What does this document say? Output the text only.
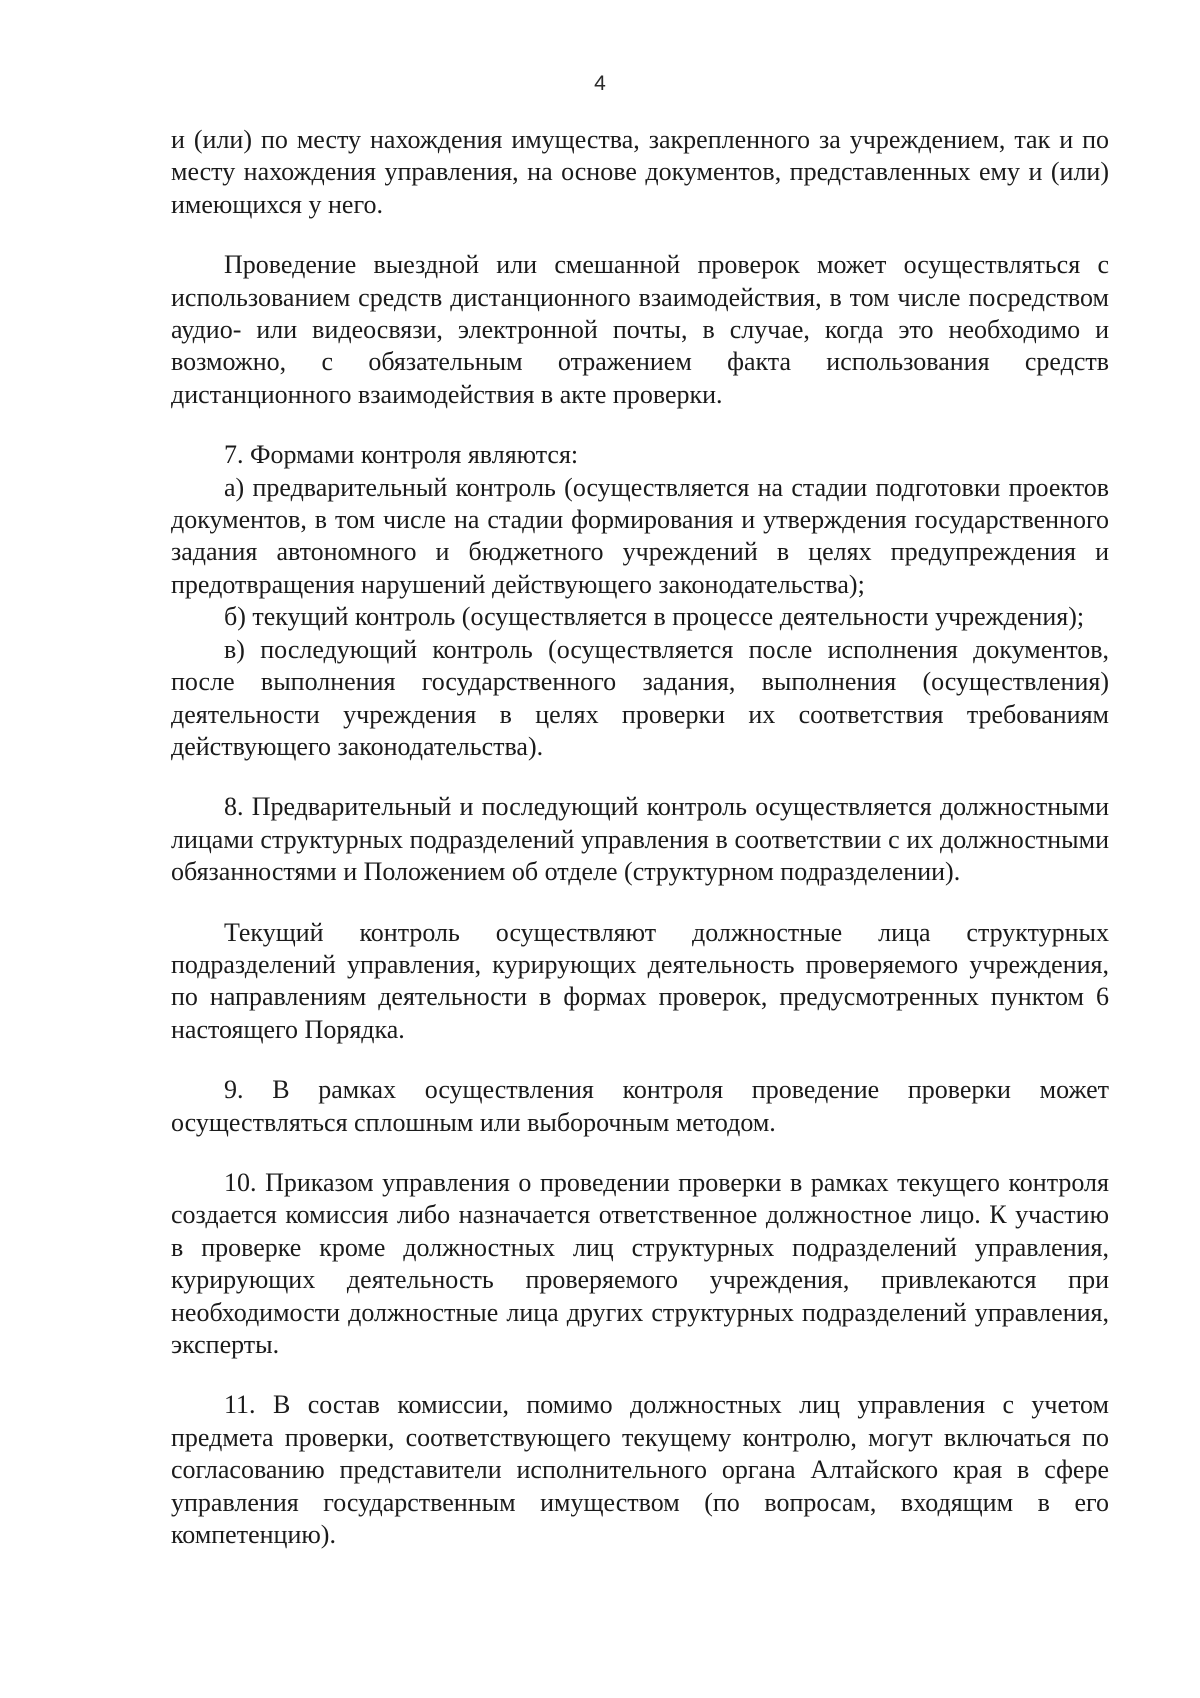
4

и (или) по месту нахождения имущества, закрепленного за учреждением, так и по месту нахождения управления, на основе документов, представленных ему и (или) имеющихся у него.

Проведение выездной или смешанной проверок может осуществляться с использованием средств дистанционного взаимодействия, в том числе посредством аудио- или видеосвязи, электронной почты, в случае, когда это необходимо и возможно, с обязательным отражением факта использования средств дистанционного взаимодействия в акте проверки.

7. Формами контроля являются:

а) предварительный контроль (осуществляется на стадии подготовки проектов документов, в том числе на стадии формирования и утверждения государственного задания автономного и бюджетного учреждений в целях предупреждения и предотвращения нарушений действующего законодательства);

б) текущий контроль (осуществляется в процессе деятельности учреждения);

в) последующий контроль (осуществляется после исполнения документов, после выполнения государственного задания, выполнения (осуществления) деятельности учреждения в целях проверки их соответствия требованиям действующего законодательства).

8. Предварительный и последующий контроль осуществляется должностными лицами структурных подразделений управления в соответствии с их должностными обязанностями и Положением об отделе (структурном подразделении).

Текущий контроль осуществляют должностные лица структурных подразделений управления, курирующих деятельность проверяемого учреждения, по направлениям деятельности в формах проверок, предусмотренных пунктом 6 настоящего Порядка.

9. В рамках осуществления контроля проведение проверки может осуществляться сплошным или выборочным методом.

10. Приказом управления о проведении проверки в рамках текущего контроля создается комиссия либо назначается ответственное должностное лицо. К участию в проверке кроме должностных лиц структурных подразделений управления, курирующих деятельность проверяемого учреждения, привлекаются при необходимости должностные лица других структурных подразделений управления, эксперты.

11. В состав комиссии, помимо должностных лиц управления с учетом предмета проверки, соответствующего текущему контролю, могут включаться по согласованию представители исполнительного органа Алтайского края в сфере управления государственным имуществом (по вопросам, входящим в его компетенцию).
